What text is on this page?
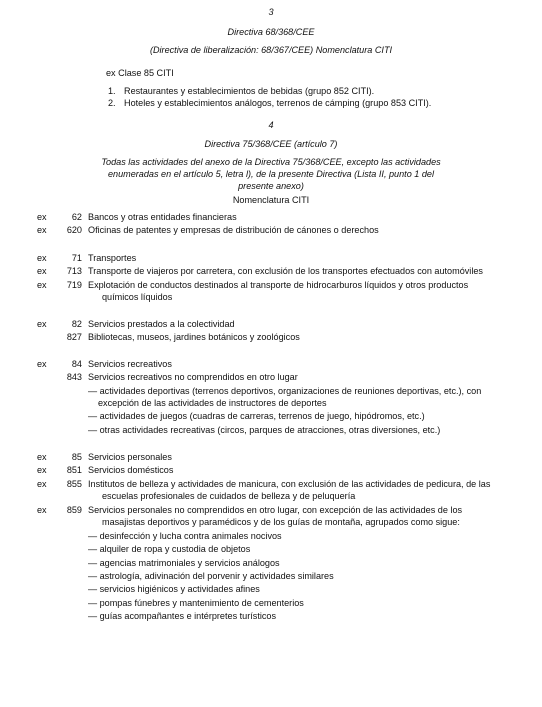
3
Directiva 68/368/CEE
(Directiva de liberalización: 68/367/CEE) Nomenclatura CITI
ex Clase 85 CITI
1. Restaurantes y establecimientos de bebidas (grupo 852 CITI).
2. Hoteles y establecimientos análogos, terrenos de cámping (grupo 853 CITI).
4
Directiva 75/368/CEE (artículo 7)
Todas las actividades del anexo de la Directiva 75/368/CEE, excepto las actividades
enumeradas en el artículo 5, letra l), de la presente Directiva (Lista II, punto 1 del
presente anexo)
Nomenclatura CITI
ex	62 Bancos y otras entidades financieras
ex	620 Oficinas de patentes y empresas de distribución de cánones o derechos
ex	71 Transportes
ex	713 Transporte de viajeros por carretera, con exclusión de los transportes efectuados con automóviles
ex	719 Explotación de conductos destinados al transporte de hidrocarburos líquidos y otros productos
químicos líquidos
ex	82 Servicios prestados a la colectividad
827 Bibliotecas, museos, jardines botánicos y zoológicos
ex	84 Servicios recreativos
843 Servicios recreativos no comprendidos en otro lugar
— actividades deportivas (terrenos deportivos, organizaciones de reuniones deportivas, etc.), con
excepción de las actividades de instructores de deportes
— actividades de juegos (cuadras de carreras, terrenos de juego, hipódromos, etc.)
— otras actividades recreativas (circos, parques de atracciones, otras diversiones, etc.)
ex	85 Servicios personales
ex	851 Servicios domésticos
ex	855 Institutos de belleza y actividades de manicura, con exclusión de las actividades de pedicura, de las
escuelas profesionales de cuidados de belleza y de peluquería
ex	859 Servicios personales no comprendidos en otro lugar, con excepción de las actividades de los
masajistas deportivos y paramédicos y de los guías de montaña, agrupados como sigue:
— desinfección y lucha contra animales nocivos
— alquiler de ropa y custodia de objetos
— agencias matrimoniales y servicios análogos
— astrología, adivinación del porvenir y actividades similares
— servicios higiénicos y actividades afines
— pompas fúnebres y mantenimiento de cementerios
— guías acompañantes e intérpretes turísticos
